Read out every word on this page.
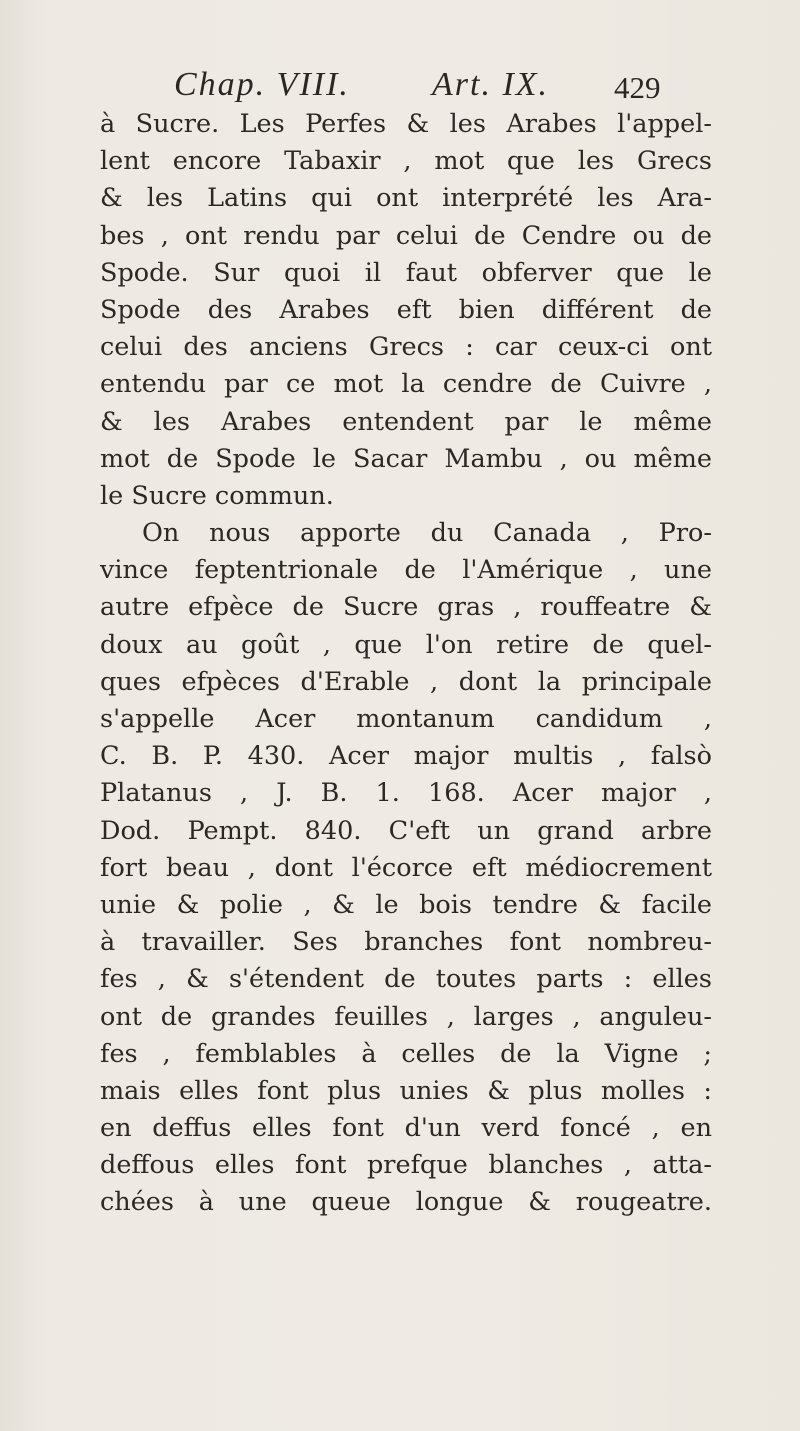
Chap. VIII. Art. IX. 429
à Sucre. Les Perfes & les Arabes l'appel-
lent encore Tabaxir , mot que les Grecs
& les Latins qui ont interprété les Ara-
bes , ont rendu par celui de Cendre ou de
Spode. Sur quoi il faut obferver que le
Spode des Arabes eft bien différent de
celui des anciens Grecs : car ceux-ci ont
entendu par ce mot la cendre de Cuivre ,
& les Arabes entendent par le même
mot de Spode le Sacar Mambu , ou même
le Sucre commun.
On nous apporte du Canada , Pro-
vince feptentrionale de l'Amérique , une
autre efpèce de Sucre gras , rouffeatre &
doux au goût , que l'on retire de quel-
ques efpèces d'Erable , dont la principale
s'appelle Acer montanum candidum ,
C. B. P. 430. Acer major multis , falsò
Platanus , J. B. 1. 168. Acer major ,
Dod. Pempt. 840. C'eft un grand arbre
fort beau , dont l'écorce eft médiocrement
unie & polie , & le bois tendre & facile
à travailler. Ses branches font nombreu-
fes , & s'étendent de toutes parts : elles
ont de grandes feuilles , larges , anguleu-
fes , femblables à celles de la Vigne ;
mais elles font plus unies & plus molles :
en deffus elles font d'un verd foncé , en
deffous elles font prefque blanches , atta-
chées à une queue longue & rougeatre.
